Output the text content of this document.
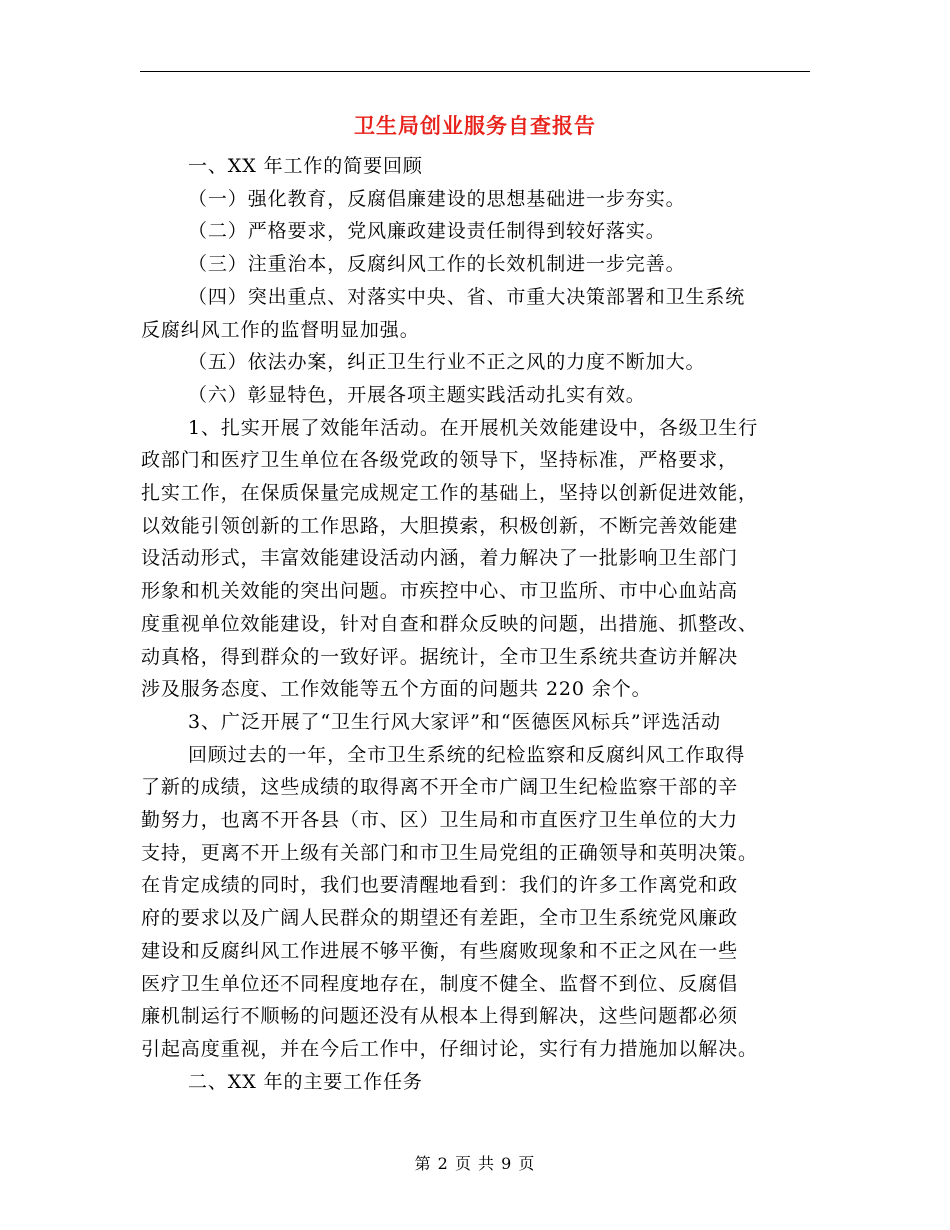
卫生局创业服务自查报告

一、XX 年工作的简要回顾

（一）强化教育，反腐倡廉建设的思想基础进一步夯实。

（二）严格要求，党风廉政建设责任制得到较好落实。

（三）注重治本，反腐纠风工作的长效机制进一步完善。

（四）突出重点、对落实中央、省、市重大决策部署和卫生系统

反腐纠风工作的监督明显加强。

（五）依法办案，纠正卫生行业不正之风的力度不断加大。

（六）彰显特色，开展各项主题实践活动扎实有效。

1、扎实开展了效能年活动。在开展机关效能建设中，各级卫生行

政部门和医疗卫生单位在各级党政的领导下，坚持标准，严格要求，

扎实工作，在保质保量完成规定工作的基础上，坚持以创新促进效能，

以效能引领创新的工作思路，大胆摸索，积极创新，不断完善效能建

设活动形式，丰富效能建设活动内涵，着力解决了一批影响卫生部门

形象和机关效能的突出问题。市疾控中心、市卫监所、市中心血站高

度重视单位效能建设，针对自查和群众反映的问题，出措施、抓整改、

动真格，得到群众的一致好评。据统计，全市卫生系统共查访并解决

涉及服务态度、工作效能等五个方面的问题共 220 余个。

3、广泛开展了“卫生行风大家评”和“医德医风标兵”评选活动

回顾过去的一年，全市卫生系统的纪检监察和反腐纠风工作取得

了新的成绩，这些成绩的取得离不开全市广阔卫生纪检监察干部的辛

勤努力，也离不开各县（市、区）卫生局和市直医疗卫生单位的大力

支持，更离不开上级有关部门和市卫生局党组的正确领导和英明决策。

在肯定成绩的同时，我们也要清醒地看到：我们的许多工作离党和政

府的要求以及广阔人民群众的期望还有差距，全市卫生系统党风廉政

建设和反腐纠风工作进展不够平衡，有些腐败现象和不正之风在一些

医疗卫生单位还不同程度地存在，制度不健全、监督不到位、反腐倡

廉机制运行不顺畅的问题还没有从根本上得到解决，这些问题都必须

引起高度重视，并在今后工作中，仔细讨论，实行有力措施加以解决。

二、XX 年的主要工作任务

第 2 页 共 9 页
